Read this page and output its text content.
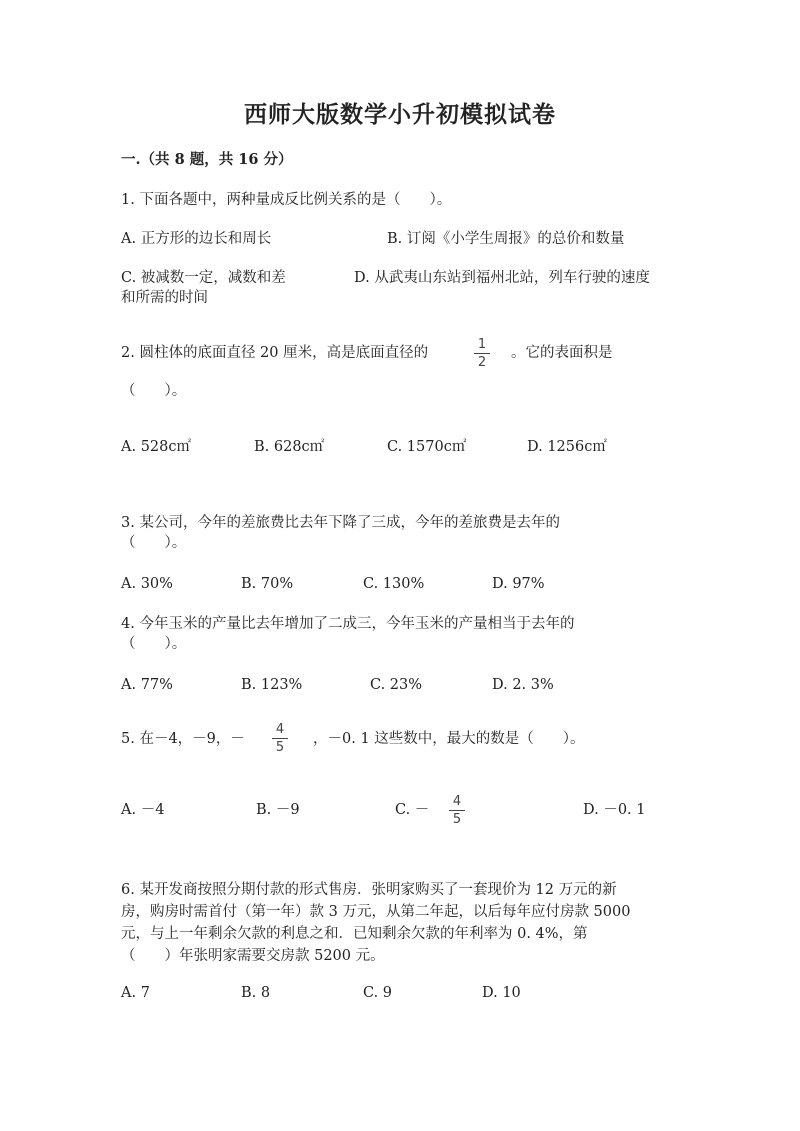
西师大版数学小升初模拟试卷
一.（共 8 题，共 16 分）
1. 下面各题中，两种量成反比例关系的是（　　）。
A. 正方形的边长和周长	B. 订阅《小学生周报》的总价和数量
C. 被减数一定，减数和差	D. 从武夷山东站到福州北站，列车行驶的速度
和所需的时间
2. 圆柱体的底面直径 20 厘米，高是底面直径的
1
2
。它的表面积是
（　　）。
A. 528c㎡	B. 628c㎡	C. 1570c㎡	D. 1256c㎡
3. 某公司，今年的差旅费比去年下降了三成，今年的差旅费是去年的
（　　）。
A. 30%	B. 70%	C. 130%	D. 97%
4. 今年玉米的产量比去年增加了二成三，今年玉米的产量相当于去年的
（　　）。
A. 77%	B. 123%	C. 23%	D. 2. 3%
5. 在－4，－9，－
4
5
，－0. 1 这些数中，最大的数是（　　）。
A. －4	B. －9	C. －
4
5
D. －0. 1
6. 某开发商按照分期付款的形式售房．张明家购买了一套现价为 12 万元的新
房，购房时需首付（第一年）款 3 万元，从第二年起，以后每年应付房款 5000
元，与上一年剩余欠款的利息之和．已知剩余欠款的年利率为 0. 4%，第
（　　）年张明家需要交房款 5200 元。
A. 7	B. 8	C. 9	D. 10
